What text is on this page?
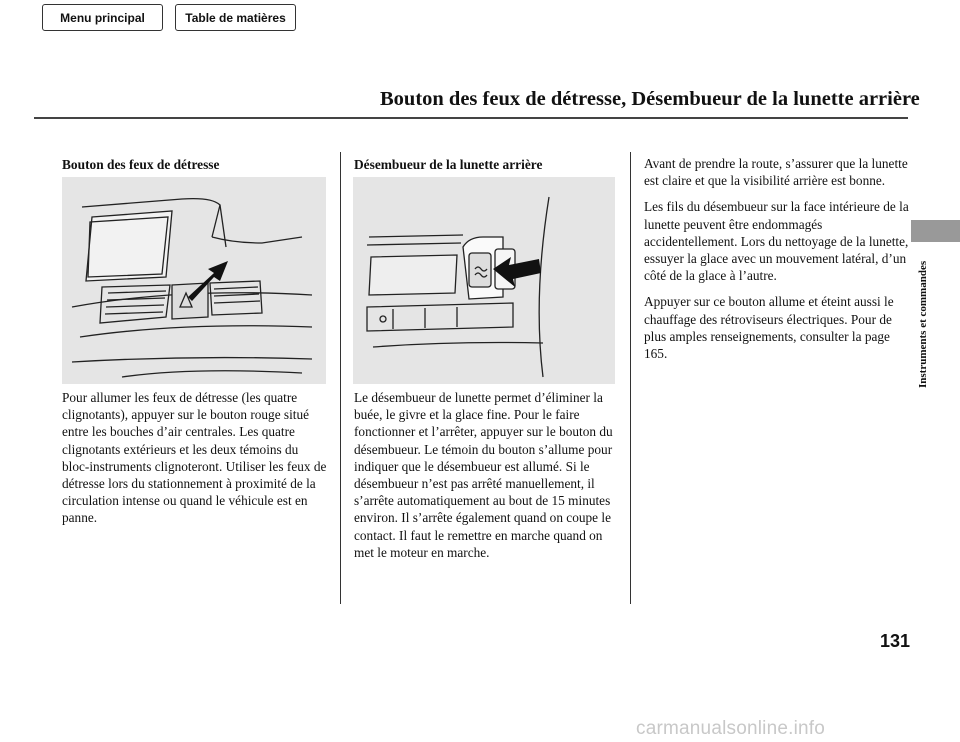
Menu principal	Table de matières
Bouton des feux de détresse, Désembueur de la lunette arrière
Instruments et commandes
Bouton des feux de détresse

Pour allumer les feux de détresse (les quatre clignotants), appuyer sur le bouton rouge situé entre les bouches d’air centrales. Les quatre clignotants extérieurs et les deux témoins du bloc-instruments clignoteront. Utiliser les feux de détresse lors du stationnement à proximité de la circulation intense ou quand le véhicule est en panne.

Désembueur de la lunette arrière

Le désembueur de lunette permet d’éliminer la buée, le givre et la glace fine. Pour le faire fonctionner et l’arrêter, appuyer sur le bouton du désembueur. Le témoin du bouton s’allume pour indiquer que le désembueur est allumé. Si le désembueur n’est pas arrêté manuellement, il s’arrête automatiquement au bout de 15 minutes environ. Il s’arrête également quand on coupe le contact. Il faut le remettre en marche quand on met le moteur en marche.

Avant de prendre la route, s’assurer que la lunette est claire et que la visibilité arrière est bonne.

Les fils du désembueur sur la face intérieure de la lunette peuvent être endommagés accidentellement. Lors du nettoyage de la lunette, essuyer la glace avec un mouvement latéral, d’un côté de la glace à l’autre.

Appuyer sur ce bouton allume et éteint aussi le chauffage des rétroviseurs électriques. Pour de plus amples renseignements, consulter la page 165.

131
carmanualsonline.info
